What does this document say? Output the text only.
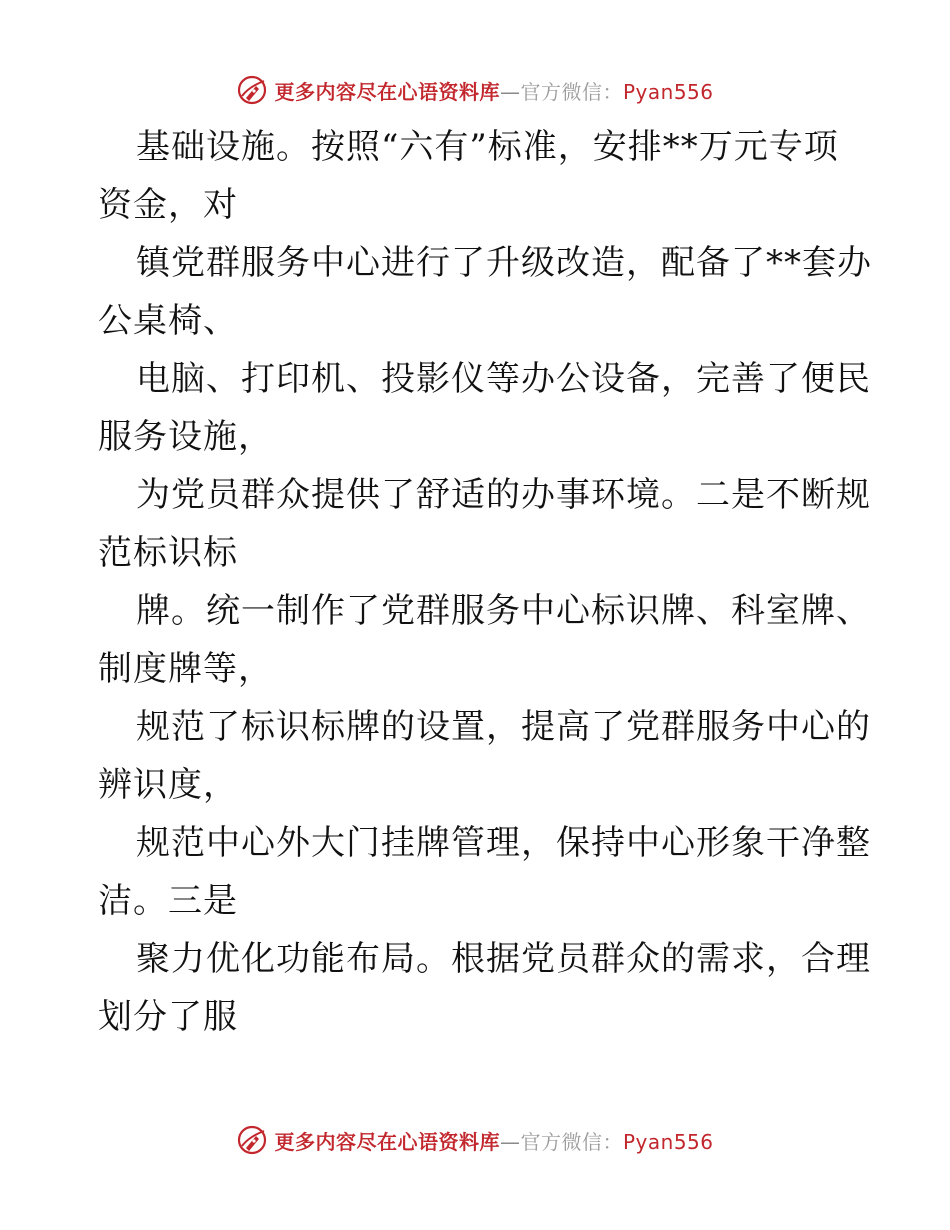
更多内容尽在心语资料库—官方微信：Pyan556
基础设施。按照“六有”标准，安排**万元专项
资金，对
镇党群服务中心进行了升级改造，配备了**套办
公桌椅、
电脑、打印机、投影仪等办公设备，完善了便民
服务设施，
为党员群众提供了舒适的办事环境。二是不断规
范标识标
牌。统一制作了党群服务中心标识牌、科室牌、
制度牌等，
规范了标识标牌的设置，提高了党群服务中心的
辨识度，
规范中心外大门挂牌管理，保持中心形象干净整
洁。三是
聚力优化功能布局。根据党员群众的需求，合理
划分了服
更多内容尽在心语资料库—官方微信：Pyan556
